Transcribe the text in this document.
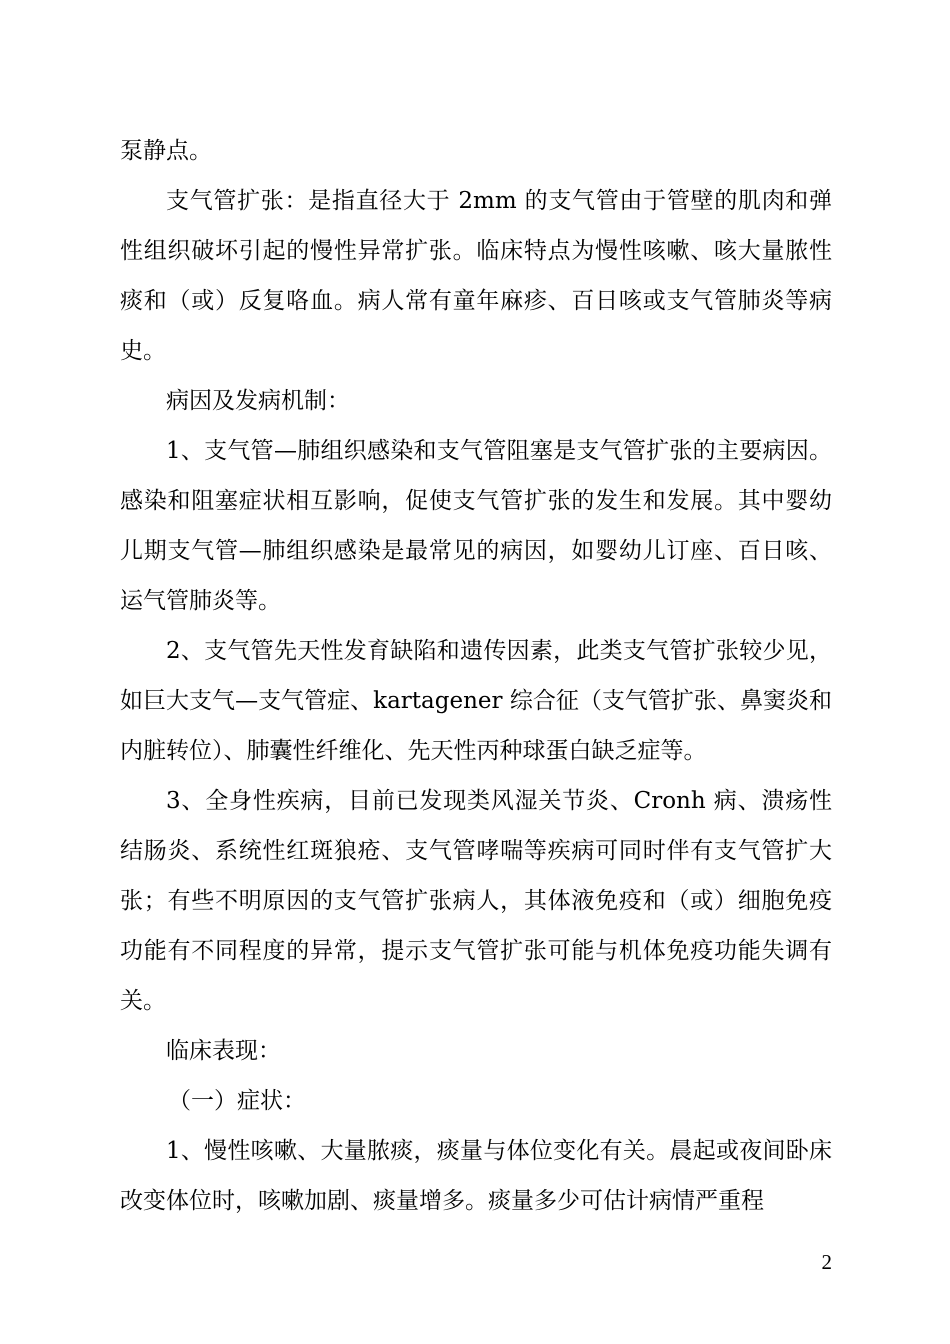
泵静点。

支气管扩张：是指直径大于 2mm 的支气管由于管壁的肌肉和弹性组织破坏引起的慢性异常扩张。临床特点为慢性咳嗽、咳大量脓性痰和（或）反复咯血。病人常有童年麻疹、百日咳或支气管肺炎等病史。

病因及发病机制：

1、支气管—肺组织感染和支气管阻塞是支气管扩张的主要病因。感染和阻塞症状相互影响，促使支气管扩张的发生和发展。其中婴幼儿期支气管—肺组织感染是最常见的病因，如婴幼儿订座、百日咳、运气管肺炎等。

2、支气管先天性发育缺陷和遗传因素，此类支气管扩张较少见，如巨大支气—支气管症、kartagener 综合征（支气管扩张、鼻窦炎和内脏转位）、肺囊性纤维化、先天性丙种球蛋白缺乏症等。

3、全身性疾病，目前已发现类风湿关节炎、Cronh 病、溃疡性结肠炎、系统性红斑狼疮、支气管哮喘等疾病可同时伴有支气管扩大张；有些不明原因的支气管扩张病人，其体液免疫和（或）细胞免疫功能有不同程度的异常，提示支气管扩张可能与机体免疫功能失调有关。

临床表现：

（一）症状：

1、慢性咳嗽、大量脓痰，痰量与体位变化有关。晨起或夜间卧床改变体位时，咳嗽加剧、痰量增多。痰量多少可估计病情严重程

2
